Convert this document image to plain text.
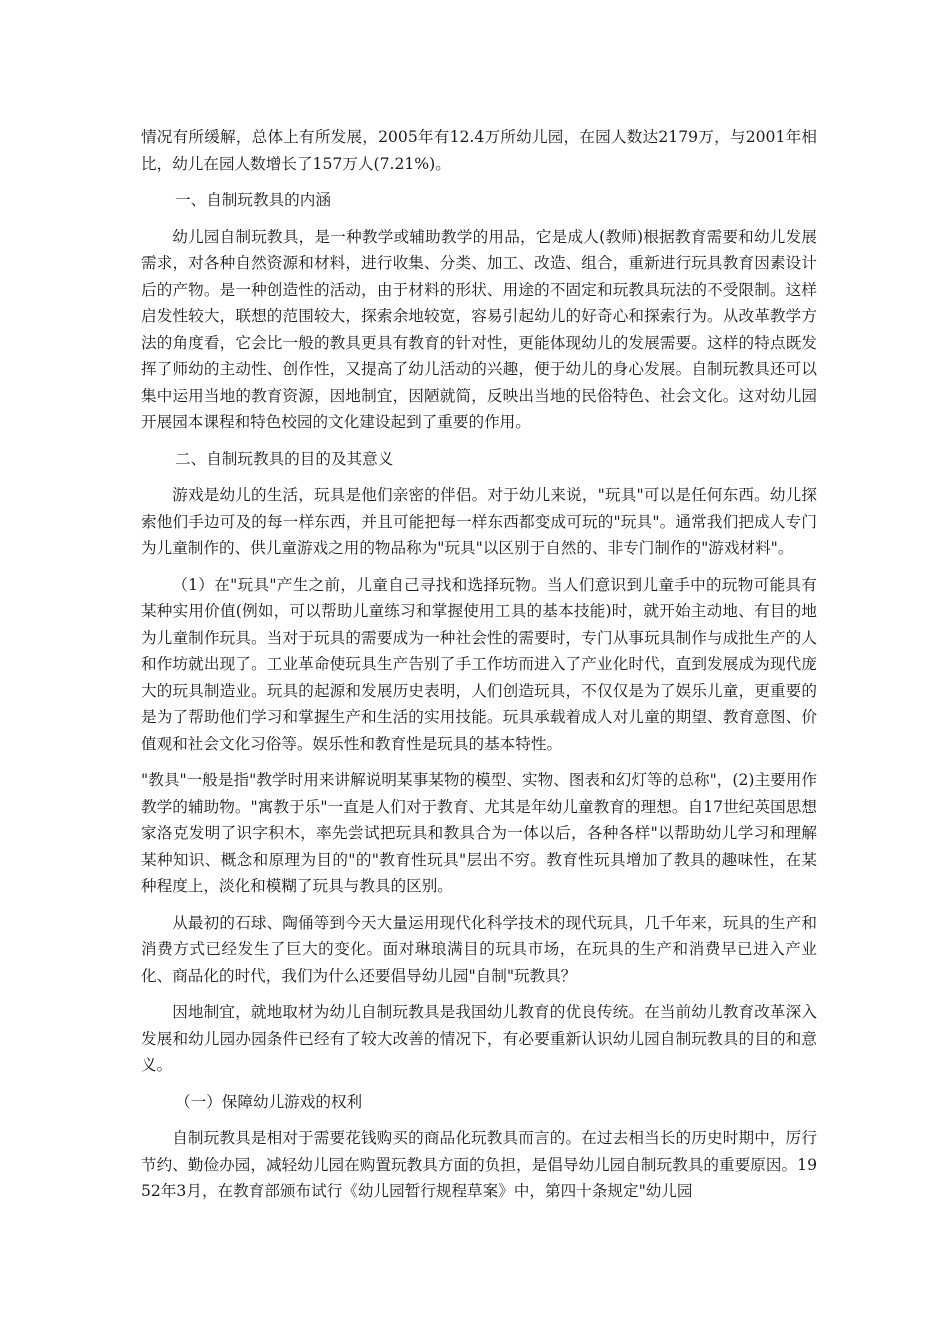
情况有所缓解，总体上有所发展，2005年有12.4万所幼儿园，在园人数达2179万，与2001年相比，幼儿在园人数增长了157万人(7.21%)。

一、自制玩教具的内涵

幼儿园自制玩教具，是一种教学或辅助教学的用品，它是成人(教师)根据教育需要和幼儿发展需求，对各种自然资源和材料，进行收集、分类、加工、改造、组合，重新进行玩具教育因素设计后的产物。是一种创造性的活动，由于材料的形状、用途的不固定和玩教具玩法的不受限制。这样启发性较大，联想的范围较大，探索余地较宽，容易引起幼儿的好奇心和探索行为。从改革教学方法的角度看，它会比一般的教具更具有教育的针对性，更能体现幼儿的发展需要。这样的特点既发挥了师幼的主动性、创作性，又提高了幼儿活动的兴趣，便于幼儿的身心发展。自制玩教具还可以集中运用当地的教育资源，因地制宜，因陋就简，反映出当地的民俗特色、社会文化。这对幼儿园开展园本课程和特色校园的文化建设起到了重要的作用。

二、自制玩教具的目的及其意义

游戏是幼儿的生活，玩具是他们亲密的伴侣。对于幼儿来说，"玩具"可以是任何东西。幼儿探索他们手边可及的每一样东西，并且可能把每一样东西都变成可玩的"玩具"。通常我们把成人专门为儿童制作的、供儿童游戏之用的物品称为"玩具"以区别于自然的、非专门制作的"游戏材料"。

（1）在"玩具"产生之前，儿童自己寻找和选择玩物。当人们意识到儿童手中的玩物可能具有某种实用价值(例如，可以帮助儿童练习和掌握使用工具的基本技能)时，就开始主动地、有目的地为儿童制作玩具。当对于玩具的需要成为一种社会性的需要时，专门从事玩具制作与成批生产的人和作坊就出现了。工业革命使玩具生产告别了手工作坊而进入了产业化时代，直到发展成为现代庞大的玩具制造业。玩具的起源和发展历史表明，人们创造玩具，不仅仅是为了娱乐儿童，更重要的是为了帮助他们学习和掌握生产和生活的实用技能。玩具承载着成人对儿童的期望、教育意图、价值观和社会文化习俗等。娱乐性和教育性是玩具的基本特性。

"教具"一般是指"教学时用来讲解说明某事某物的模型、实物、图表和幻灯等的总称"，(2)主要用作教学的辅助物。"寓教于乐"一直是人们对于教育、尤其是年幼儿童教育的理想。自17世纪英国思想家洛克发明了识字积木，率先尝试把玩具和教具合为一体以后，各种各样"以帮助幼儿学习和理解某种知识、概念和原理为目的"的"教育性玩具"层出不穷。教育性玩具增加了教具的趣味性，在某种程度上，淡化和模糊了玩具与教具的区别。

从最初的石球、陶俑等到今天大量运用现代化科学技术的现代玩具，几千年来，玩具的生产和消费方式已经发生了巨大的变化。面对琳琅满目的玩具市场，在玩具的生产和消费早已进入产业化、商品化的时代，我们为什么还要倡导幼儿园"自制"玩教具？

因地制宜，就地取材为幼儿自制玩教具是我国幼儿教育的优良传统。在当前幼儿教育改革深入发展和幼儿园办园条件已经有了较大改善的情况下，有必要重新认识幼儿园自制玩教具的目的和意义。

（一）保障幼儿游戏的权利

自制玩教具是相对于需要花钱购买的商品化玩教具而言的。在过去相当长的历史时期中，厉行节约、勤俭办园，减轻幼儿园在购置玩教具方面的负担，是倡导幼儿园自制玩教具的重要原因。1952年3月，在教育部颁布试行《幼儿园暂行规程草案》中，第四十条规定"幼儿园
